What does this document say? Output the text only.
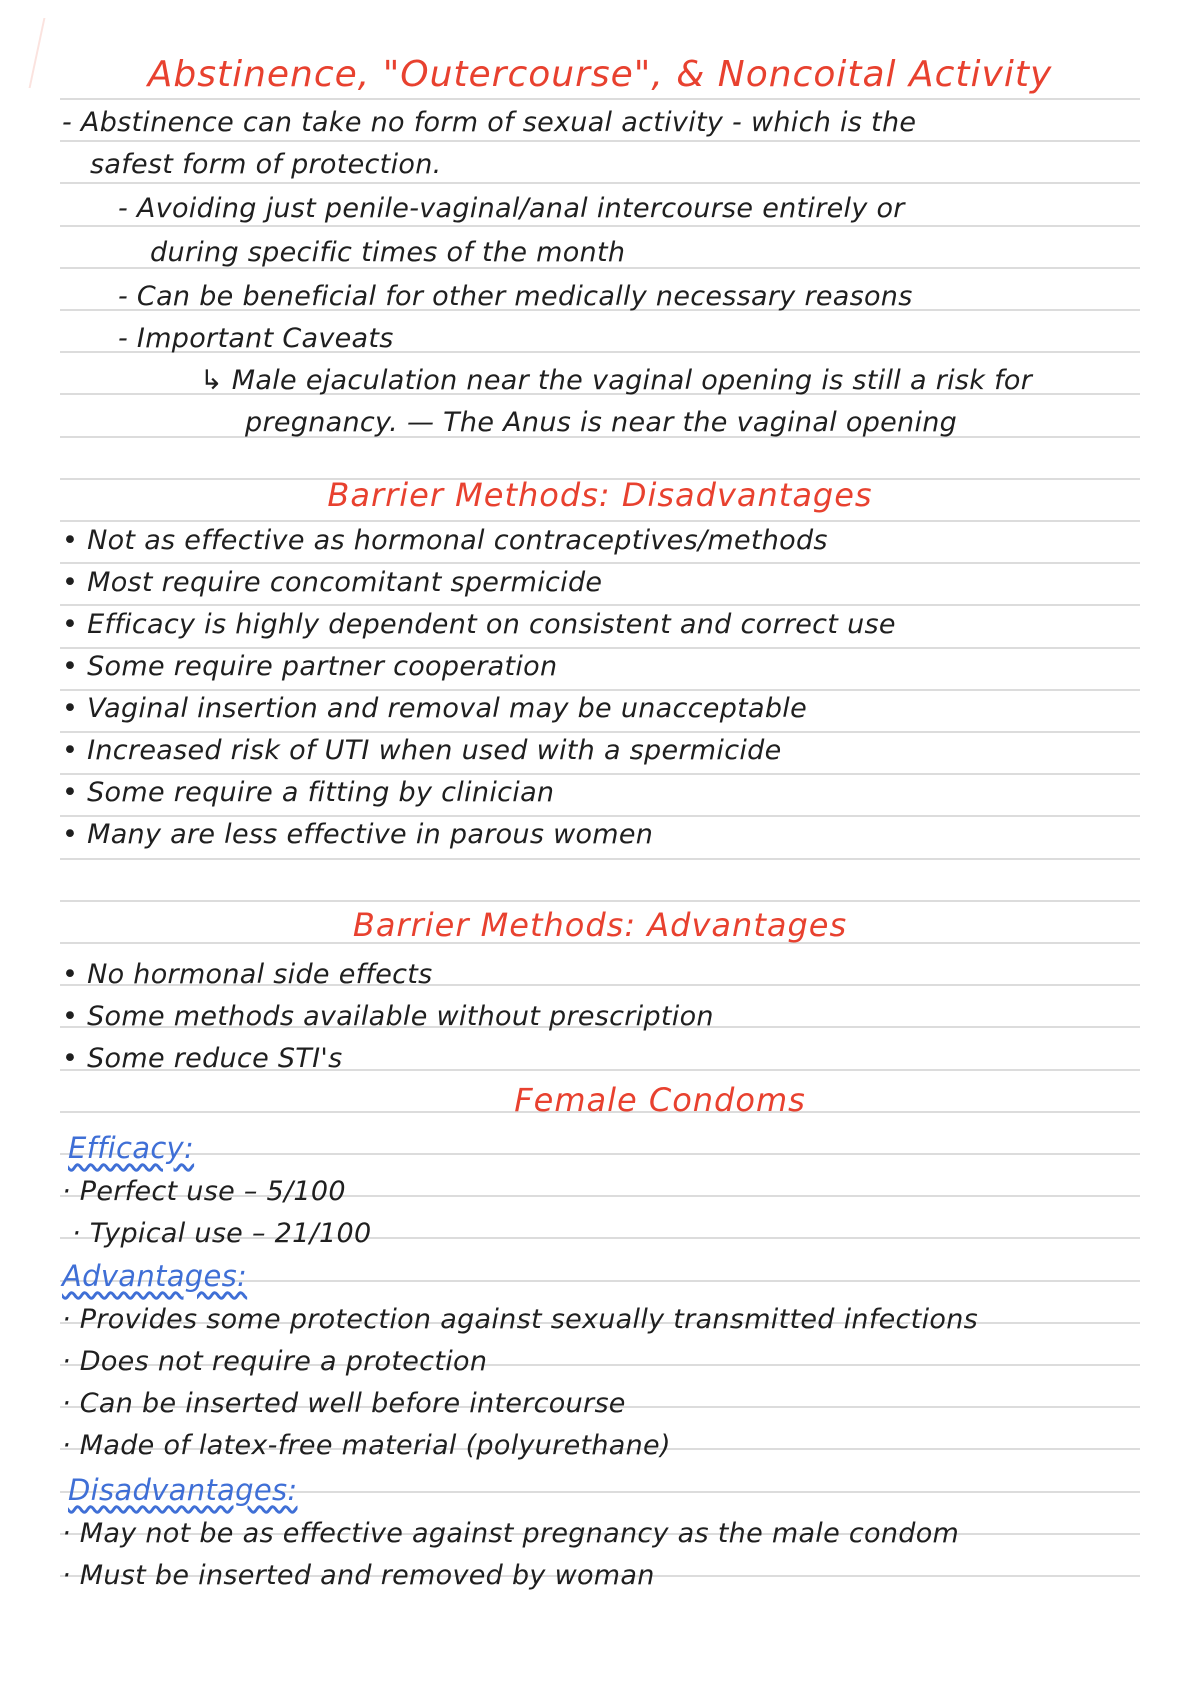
Abstinence, "Outercourse", & Noncoital Activity
- Abstinence can take no form of sexual activity - which is the
safest form of protection.
- Avoiding just penile-vaginal/anal intercourse entirely or
during specific times of the month
- Can be beneficial for other medically necessary reasons
- Important Caveats
↳ Male ejaculation near the vaginal opening is still a risk for
pregnancy. — The Anus is near the vaginal opening
Barrier Methods: Disadvantages
• Not as effective as hormonal contraceptives/methods
• Most require concomitant spermicide
• Efficacy is highly dependent on consistent and correct use
• Some require partner cooperation
• Vaginal insertion and removal may be unacceptable
• Increased risk of UTI when used with a spermicide
• Some require a fitting by clinician
• Many are less effective in parous women
Barrier Methods: Advantages
• No hormonal side effects
• Some methods available without prescription
• Some reduce STI's
Female Condoms
Efficacy:
· Perfect use – 5/100
· Typical use – 21/100
Advantages:
· Provides some protection against sexually transmitted infections
· Does not require a protection
· Can be inserted well before intercourse
· Made of latex-free material (polyurethane)
Disadvantages:
· May not be as effective against pregnancy as the male condom
· Must be inserted and removed by woman
